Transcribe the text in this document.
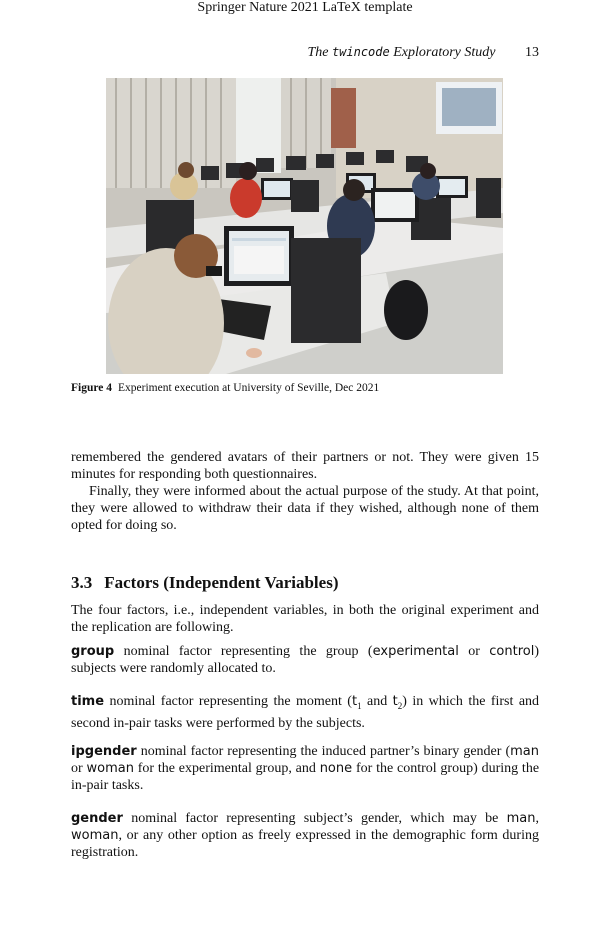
Springer Nature 2021 LaTeX template
The twincode Exploratory Study 13
Figure 4 Experiment execution at University of Seville, Dec 2021

remembered the gendered avatars of their partners or not. They were given 15 minutes for responding both questionnaires.

Finally, they were informed about the actual purpose of the study. At that point, they were allowed to withdraw their data if they wished, although none of them opted for doing so.

3.3 Factors (Independent Variables)

The four factors, i.e., independent variables, in both the original experiment and the replication are following.

group nominal factor representing the group (experimental or control) subjects were randomly allocated to.

time nominal factor representing the moment ($t_1$ and $t_2$) in which the first and second in-pair tasks were performed by the subjects.

ipgender nominal factor representing the induced partner’s binary gender (man or woman for the experimental group, and none for the control group) during the in-pair tasks.

gender nominal factor representing subject’s gender, which may be man, woman, or any other option as freely expressed in the demographic form during registration.
